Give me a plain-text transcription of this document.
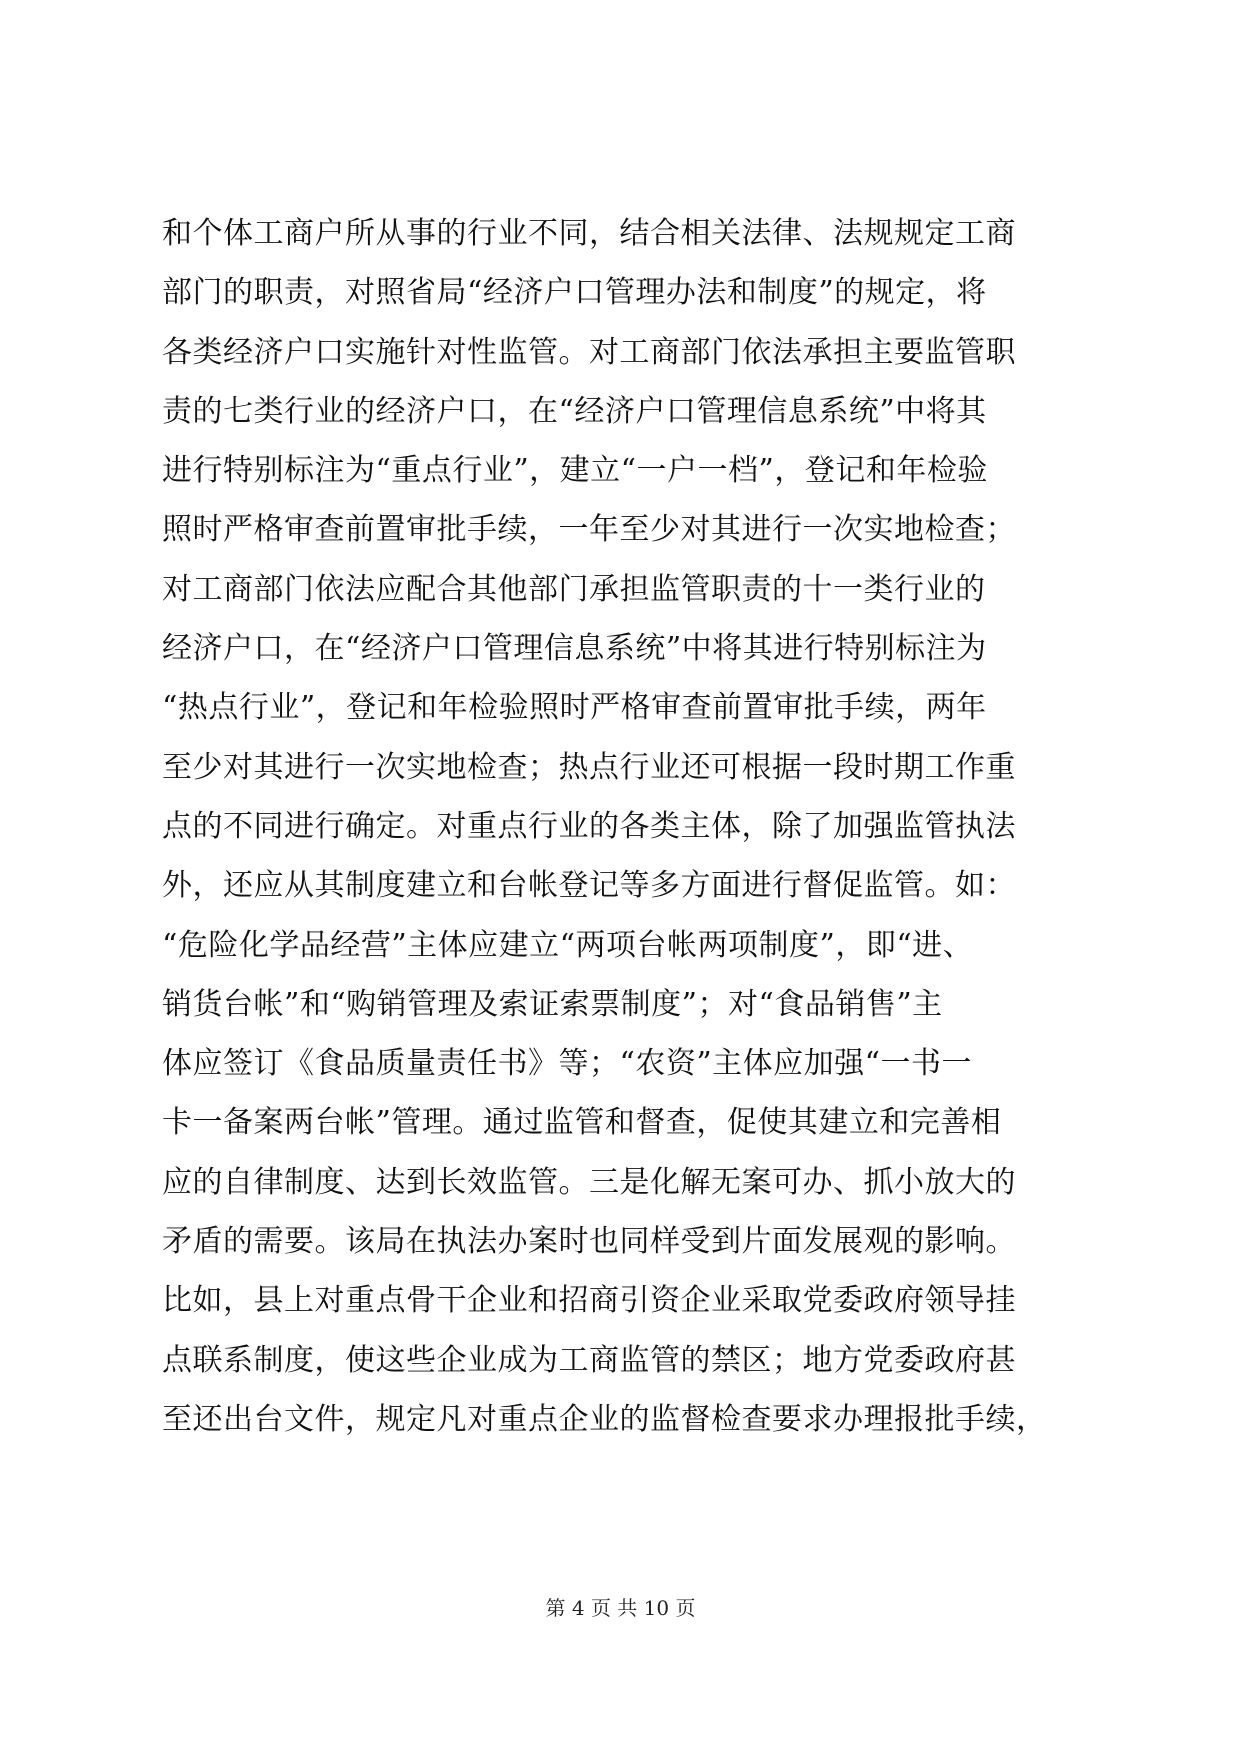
和个体工商户所从事的行业不同，结合相关法律、法规规定工商
部门的职责，对照省局“经济户口管理办法和制度”的规定，将
各类经济户口实施针对性监管。对工商部门依法承担主要监管职
责的七类行业的经济户口，在“经济户口管理信息系统”中将其
进行特别标注为“重点行业”，建立“一户一档”，登记和年检验
照时严格审查前置审批手续，一年至少对其进行一次实地检查；
对工商部门依法应配合其他部门承担监管职责的十一类行业的
经济户口，在“经济户口管理信息系统”中将其进行特别标注为
“热点行业”，登记和年检验照时严格审查前置审批手续，两年
至少对其进行一次实地检查；热点行业还可根据一段时期工作重
点的不同进行确定。对重点行业的各类主体，除了加强监管执法
外，还应从其制度建立和台帐登记等多方面进行督促监管。如：
“危险化学品经营”主体应建立“两项台帐两项制度”，即“进、
销货台帐”和“购销管理及索证索票制度”；对“食品销售”主
体应签订《食品质量责任书》等；“农资”主体应加强“一书一
卡一备案两台帐”管理。通过监管和督查，促使其建立和完善相
应的自律制度、达到长效监管。三是化解无案可办、抓小放大的
矛盾的需要。该局在执法办案时也同样受到片面发展观的影响。
比如，县上对重点骨干企业和招商引资企业采取党委政府领导挂
点联系制度，使这些企业成为工商监管的禁区；地方党委政府甚
至还出台文件，规定凡对重点企业的监督检查要求办理报批手续，
第 4 页 共 10 页
